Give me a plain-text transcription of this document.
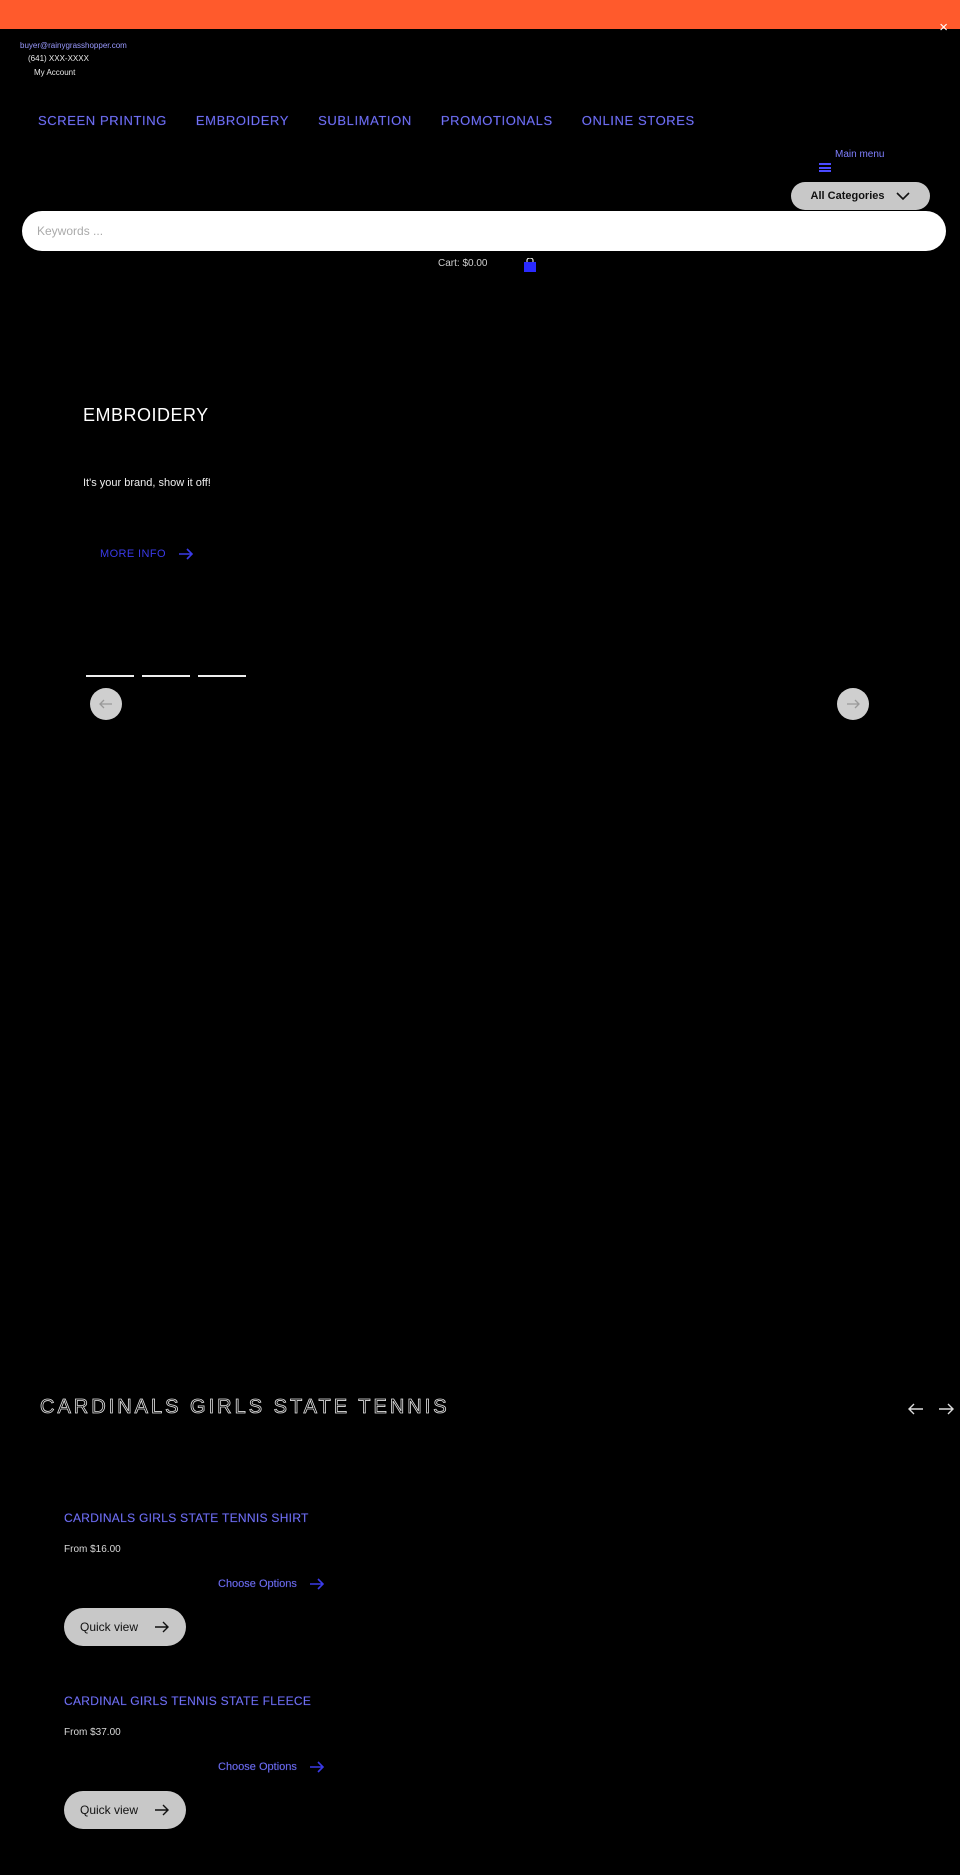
×
buyer@rainygrasshopper.com
(641) XXX-XXXX
My Account
SCREEN PRINTING EMBROIDERY SUBLIMATION PROMOTIONALS ONLINE STORES
Main menu
All Categories
Keywords ...
Cart: $0.00
EMBROIDERY
It's your brand, show it off!
MORE INFO
CARDINALS GIRLS STATE TENNIS
CARDINALS GIRLS STATE TENNIS SHIRT
From $16.00
Choose Options
Quick view
CARDINAL GIRLS TENNIS STATE FLEECE
From $37.00
Choose Options
Quick view
